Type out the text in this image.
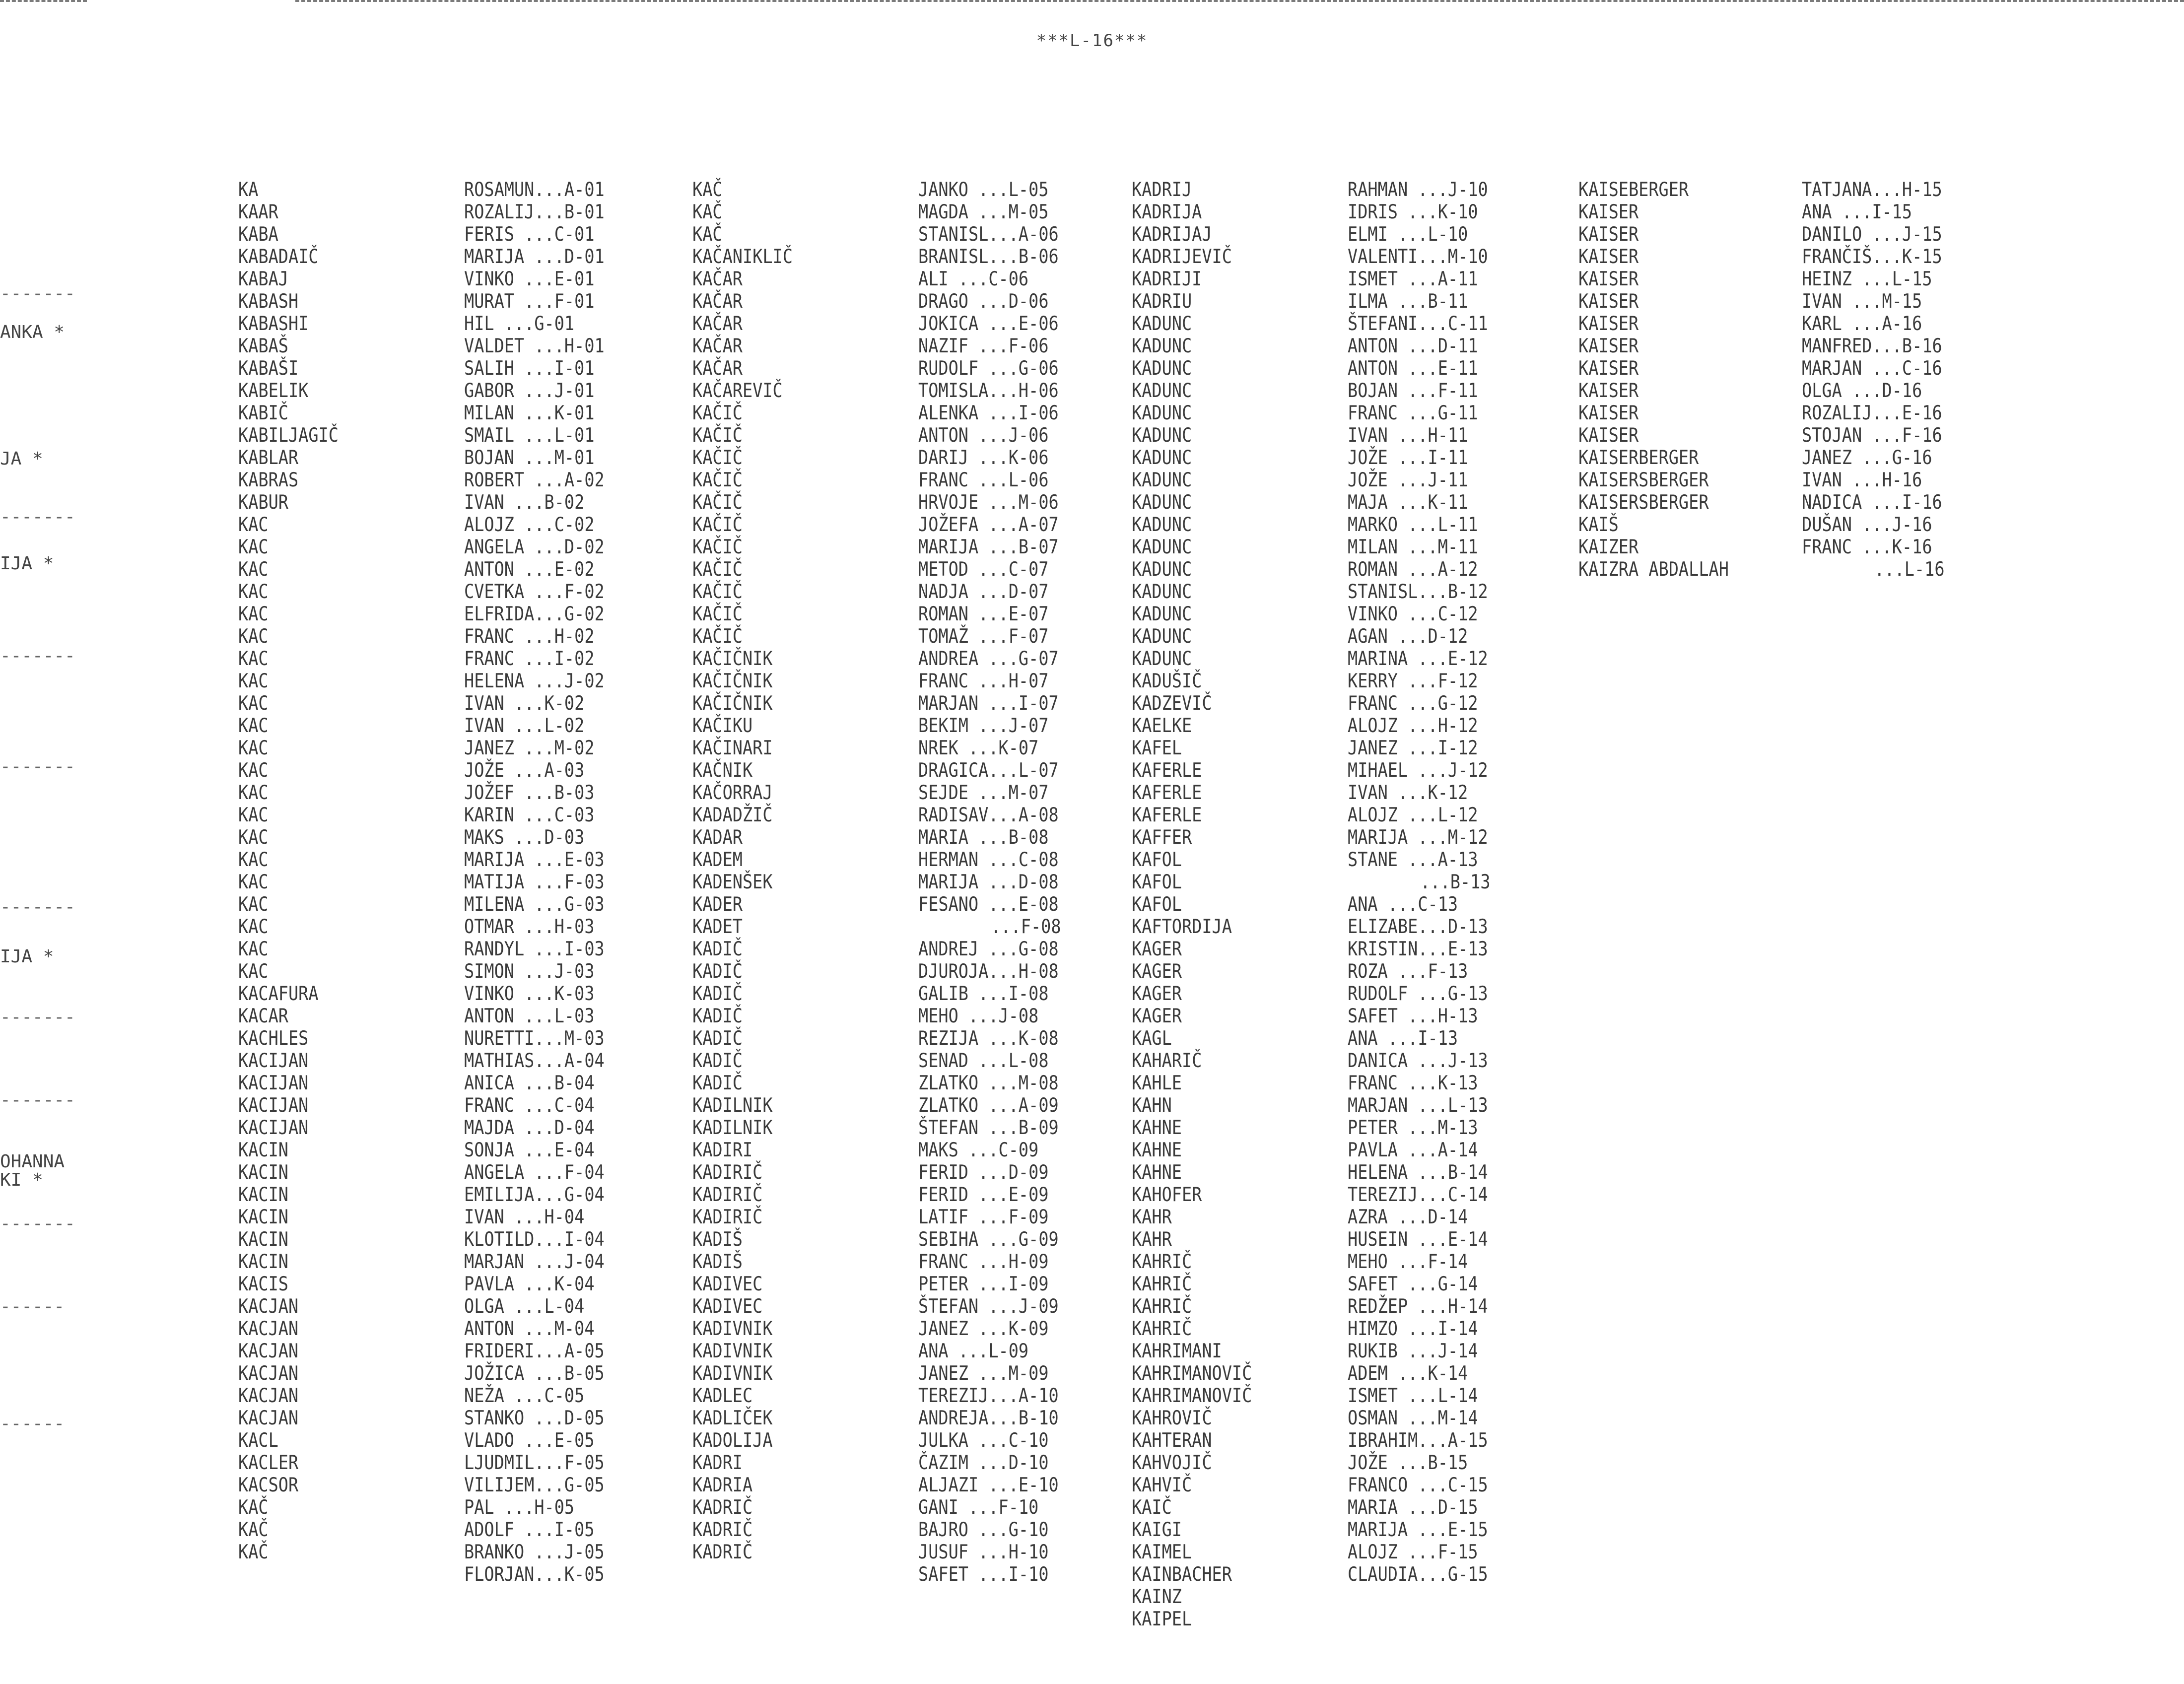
***L-16***
-------
ANKA *
JA *
-------
IJA *
-------
-------
-------
IJA *
-------
-------
OHANNA
KI *
-------
------
------
KA
KAAR
KABA
KABADAIČ
KABAJ
KABASH
KABASHI
KABAŠ
KABAŠI
KABELIK
KABIČ
KABILJAGIČ
KABLAR
KABRAS
KABUR
KAC
KAC
KAC
KAC
KAC
KAC
KAC
KAC
KAC
KAC
KAC
KAC
KAC
KAC
KAC
KAC
KAC
KAC
KAC
KAC
KAC
KACAFURA
KACAR
KACHLES
KACIJAN
KACIJAN
KACIJAN
KACIJAN
KACIN
KACIN
KACIN
KACIN
KACIN
KACIN
KACIS
KACJAN
KACJAN
KACJAN
KACJAN
KACJAN
KACJAN
KACL
KACLER
KACSOR
KAČ
KAČ
KAČ
ROSAMUN...A-01
ROZALIJ...B-01
FERIS ...C-01
MARIJA ...D-01
VINKO ...E-01
MURAT ...F-01
HIL ...G-01
VALDET ...H-01
SALIH ...I-01
GABOR ...J-01
MILAN ...K-01
SMAIL ...L-01
BOJAN ...M-01
ROBERT ...A-02
IVAN ...B-02
ALOJZ ...C-02
ANGELA ...D-02
ANTON ...E-02
CVETKA ...F-02
ELFRIDA...G-02
FRANC ...H-02
FRANC ...I-02
HELENA ...J-02
IVAN ...K-02
IVAN ...L-02
JANEZ ...M-02
JOŽE ...A-03
JOŽEF ...B-03
KARIN ...C-03
MAKS ...D-03
MARIJA ...E-03
MATIJA ...F-03
MILENA ...G-03
OTMAR ...H-03
RANDYL ...I-03
SIMON ...J-03
VINKO ...K-03
ANTON ...L-03
NURETTI...M-03
MATHIAS...A-04
ANICA ...B-04
FRANC ...C-04
MAJDA ...D-04
SONJA ...E-04
ANGELA ...F-04
EMILIJA...G-04
IVAN ...H-04
KLOTILD...I-04
MARJAN ...J-04
PAVLA ...K-04
OLGA ...L-04
ANTON ...M-04
FRIDERI...A-05
JOŽICA ...B-05
NEŽA ...C-05
STANKO ...D-05
VLADO ...E-05
LJUDMIL...F-05
VILIJEM...G-05
PAL ...H-05
ADOLF ...I-05
BRANKO ...J-05
FLORJAN...K-05
KAČ
KAČ
KAČ
KAČANIKLIČ
KAČAR
KAČAR
KAČAR
KAČAR
KAČAR
KAČAREVIČ
KAČIČ
KAČIČ
KAČIČ
KAČIČ
KAČIČ
KAČIČ
KAČIČ
KAČIČ
KAČIČ
KAČIČ
KAČIČ
KAČIČNIK
KAČIČNIK
KAČIČNIK
KAČIKU
KAČINARI
KAČNIK
KAČORRAJ
KADADŽIČ
KADAR
KADEM
KADENŠEK
KADER
KADET
KADIČ
KADIČ
KADIČ
KADIČ
KADIČ
KADIČ
KADIČ
KADILNIK
KADILNIK
KADIRI
KADIRIČ
KADIRIČ
KADIRIČ
KADIŠ
KADIŠ
KADIVEC
KADIVEC
KADIVNIK
KADIVNIK
KADIVNIK
KADLEC
KADLIČEK
KADOLIJA
KADRI
KADRIA
KADRIČ
KADRIČ
KADRIČ
JANKO ...L-05
MAGDA ...M-05
STANISL...A-06
BRANISL...B-06
ALI ...C-06
DRAGO ...D-06
JOKICA ...E-06
NAZIF ...F-06
RUDOLF ...G-06
TOMISLA...H-06
ALENKA ...I-06
ANTON ...J-06
DARIJ ...K-06
FRANC ...L-06
HRVOJE ...M-06
JOŽEFA ...A-07
MARIJA ...B-07
METOD ...C-07
NADJA ...D-07
ROMAN ...E-07
TOMAŽ ...F-07
ANDREA ...G-07
FRANC ...H-07
MARJAN ...I-07
BEKIM ...J-07
NREK ...K-07
DRAGICA...L-07
SEJDE ...M-07
RADISAV...A-08
MARIA ...B-08
HERMAN ...C-08
MARIJA ...D-08
FESANO ...E-08
...F-08
ANDREJ ...G-08
DJUROJA...H-08
GALIB ...I-08
MEHO ...J-08
REZIJA ...K-08
SENAD ...L-08
ZLATKO ...M-08
ZLATKO ...A-09
ŠTEFAN ...B-09
MAKS ...C-09
FERID ...D-09
FERID ...E-09
LATIF ...F-09
SEBIHA ...G-09
FRANC ...H-09
PETER ...I-09
ŠTEFAN ...J-09
JANEZ ...K-09
ANA ...L-09
JANEZ ...M-09
TEREZIJ...A-10
ANDREJA...B-10
JULKA ...C-10
ČAZIM ...D-10
ALJAZI ...E-10
GANI ...F-10
BAJRO ...G-10
JUSUF ...H-10
SAFET ...I-10
KADRIJ
KADRIJA
KADRIJAJ
KADRIJEVIČ
KADRIJI
KADRIU
KADUNC
KADUNC
KADUNC
KADUNC
KADUNC
KADUNC
KADUNC
KADUNC
KADUNC
KADUNC
KADUNC
KADUNC
KADUNC
KADUNC
KADUNC
KADUNC
KADUŠIČ
KADZEVIČ
KAELKE
KAFEL
KAFERLE
KAFERLE
KAFERLE
KAFFER
KAFOL
KAFOL
KAFOL
KAFTORDIJA
KAGER
KAGER
KAGER
KAGER
KAGL
KAHARIČ
KAHLE
KAHN
KAHNE
KAHNE
KAHNE
KAHOFER
KAHR
KAHR
KAHRIČ
KAHRIČ
KAHRIČ
KAHRIČ
KAHRIMANI
KAHRIMANOVIČ
KAHRIMANOVIČ
KAHROVIČ
KAHTERAN
KAHVOJIČ
KAHVIČ
KAIČ
KAIGI
KAIMEL
KAINBACHER
KAINZ
KAIPEL
RAHMAN ...J-10
IDRIS ...K-10
ELMI ...L-10
VALENTI...M-10
ISMET ...A-11
ILMA ...B-11
ŠTEFANI...C-11
ANTON ...D-11
ANTON ...E-11
BOJAN ...F-11
FRANC ...G-11
IVAN ...H-11
JOŽE ...I-11
JOŽE ...J-11
MAJA ...K-11
MARKO ...L-11
MILAN ...M-11
ROMAN ...A-12
STANISL...B-12
VINKO ...C-12
AGAN ...D-12
MARINA ...E-12
KERRY ...F-12
FRANC ...G-12
ALOJZ ...H-12
JANEZ ...I-12
MIHAEL ...J-12
IVAN ...K-12
ALOJZ ...L-12
MARIJA ...M-12
STANE ...A-13
...B-13
ANA ...C-13
ELIZABE...D-13
KRISTIN...E-13
ROZA ...F-13
RUDOLF ...G-13
SAFET ...H-13
ANA ...I-13
DANICA ...J-13
FRANC ...K-13
MARJAN ...L-13
PETER ...M-13
PAVLA ...A-14
HELENA ...B-14
TEREZIJ...C-14
AZRA ...D-14
HUSEIN ...E-14
MEHO ...F-14
SAFET ...G-14
REDŽEP ...H-14
HIMZO ...I-14
RUKIB ...J-14
ADEM ...K-14
ISMET ...L-14
OSMAN ...M-14
IBRAHIM...A-15
JOŽE ...B-15
FRANCO ...C-15
MARIA ...D-15
MARIJA ...E-15
ALOJZ ...F-15
CLAUDIA...G-15
KAISEBERGER
KAISER
KAISER
KAISER
KAISER
KAISER
KAISER
KAISER
KAISER
KAISER
KAISER
KAISER
KAISERBERGER
KAISERSBERGER
KAISERSBERGER
KAIŠ
KAIZER
KAIZRA ABDALLAH
TATJANA...H-15
ANA ...I-15
DANILO ...J-15
FRANČIŠ...K-15
HEINZ ...L-15
IVAN ...M-15
KARL ...A-16
MANFRED...B-16
MARJAN ...C-16
OLGA ...D-16
ROZALIJ...E-16
STOJAN ...F-16
JANEZ ...G-16
IVAN ...H-16
NADICA ...I-16
DUŠAN ...J-16
FRANC ...K-16
...L-16
